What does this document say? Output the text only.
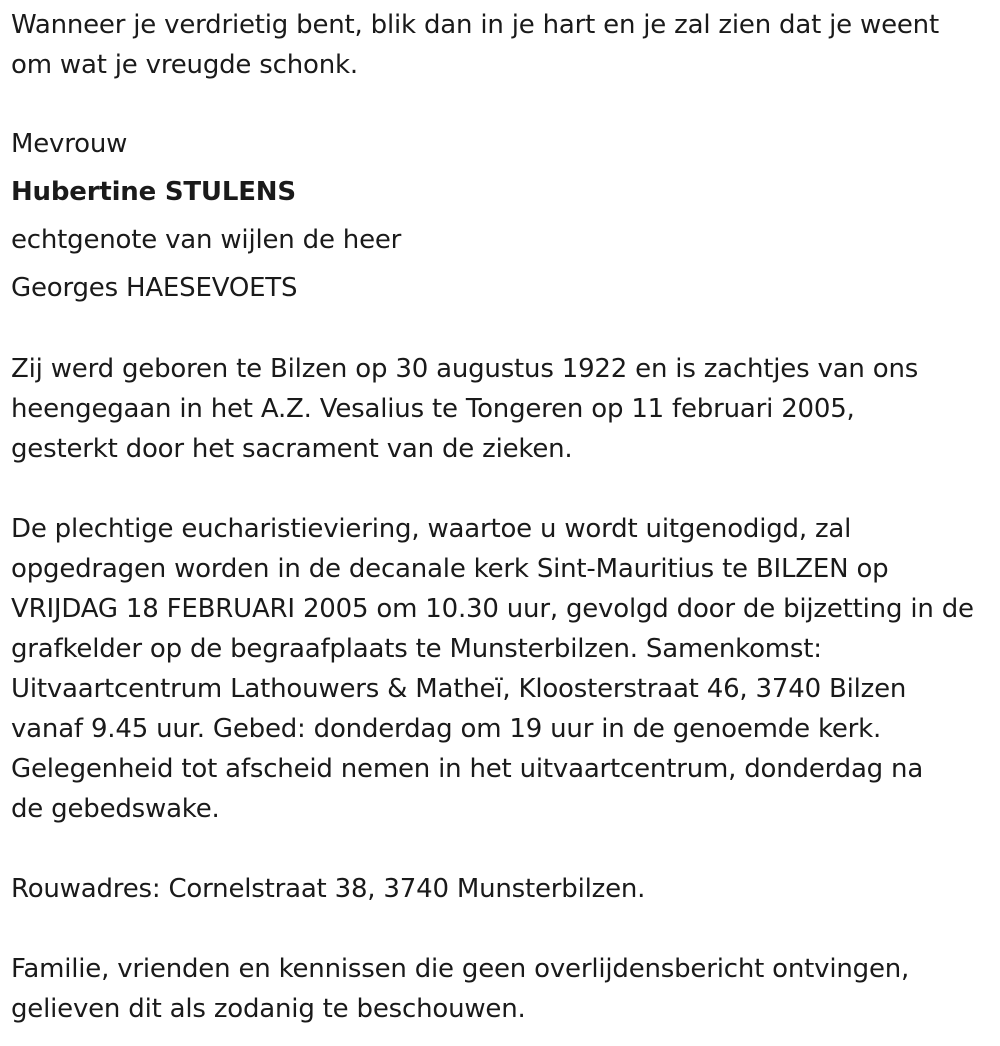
Wanneer je verdrietig bent, blik dan in je hart en je zal zien dat je weent
om wat je vreugde schonk.
Mevrouw
Hubertine STULENS
echtgenote van wijlen de heer
Georges HAESEVOETS
Zij werd geboren te Bilzen op 30 augustus 1922 en is zachtjes van ons
heengegaan in het A.Z. Vesalius te Tongeren op 11 februari 2005,
gesterkt door het sacrament van de zieken.
De plechtige eucharistieviering, waartoe u wordt uitgenodigd, zal
opgedragen worden in de decanale kerk Sint-Mauritius te BILZEN op
VRIJDAG 18 FEBRUARI 2005 om 10.30 uur, gevolgd door de bijzetting in de
grafkelder op de begraafplaats te Munsterbilzen. Samenkomst:
Uitvaartcentrum Lathouwers & Matheï, Kloosterstraat 46, 3740 Bilzen
vanaf 9.45 uur. Gebed: donderdag om 19 uur in de genoemde kerk.
Gelegenheid tot afscheid nemen in het uitvaartcentrum, donderdag na
de gebedswake.
Rouwadres: Cornelstraat 38, 3740 Munsterbilzen.
Familie, vrienden en kennissen die geen overlijdensbericht ontvingen,
gelieven dit als zodanig te beschouwen.
